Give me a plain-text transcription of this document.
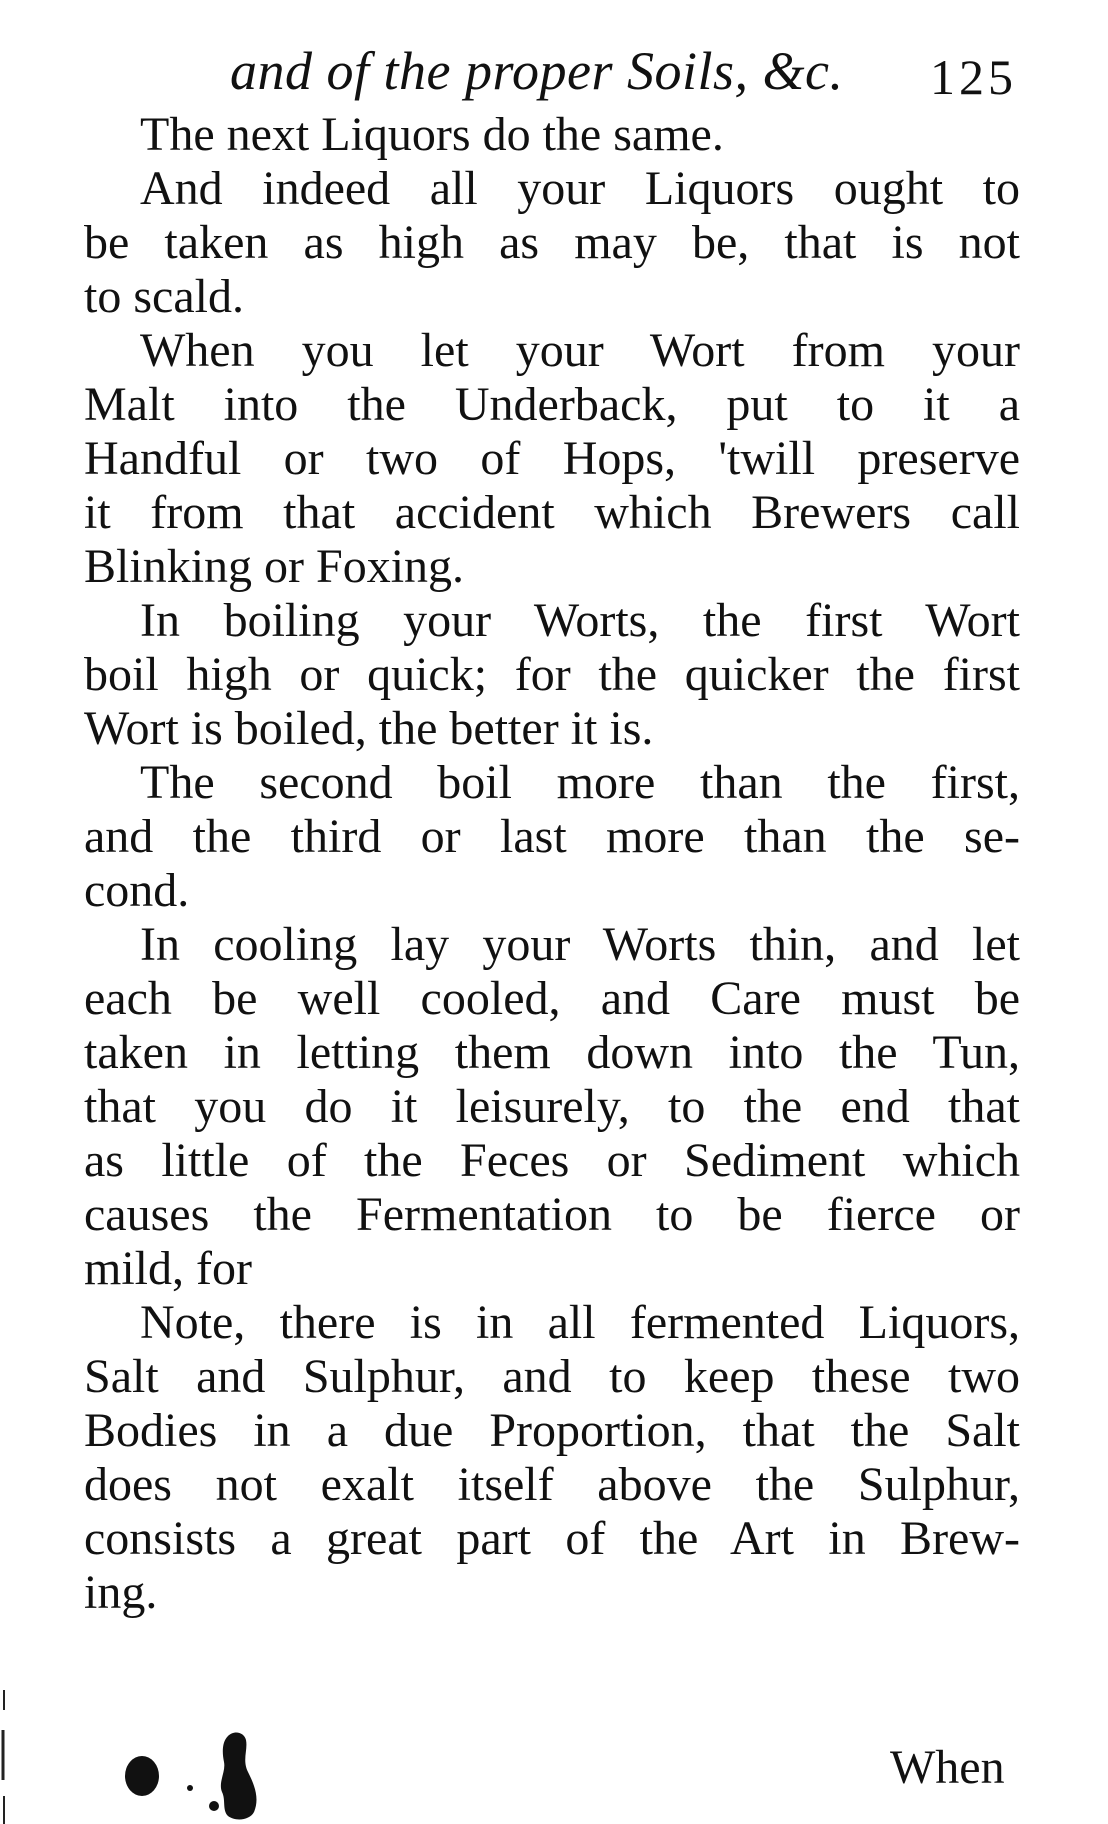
and of the proper Soils, &c. 125
The next Liquors do the same.
And indeed all your Liquors ought to
be taken as high as may be, that is not
to scald.
When you let your Wort from your
Malt into the Underback, put to it a
Handful or two of Hops, 'twill preserve
it from that accident which Brewers call
Blinking or Foxing.
In boiling your Worts, the first Wort
boil high or quick; for the quicker the first
Wort is boiled, the better it is.
The second boil more than the first,
and the third or last more than the se-
cond.
In cooling lay your Worts thin, and let
each be well cooled, and Care must be
taken in letting them down into the Tun,
that you do it leisurely, to the end that
as little of the Feces or Sediment which
causes the Fermentation to be fierce or
mild, for
Note, there is in all fermented Liquors,
Salt and Sulphur, and to keep these two
Bodies in a due Proportion, that the Salt
does not exalt itself above the Sulphur,
consists a great part of the Art in Brew-
ing.
When
